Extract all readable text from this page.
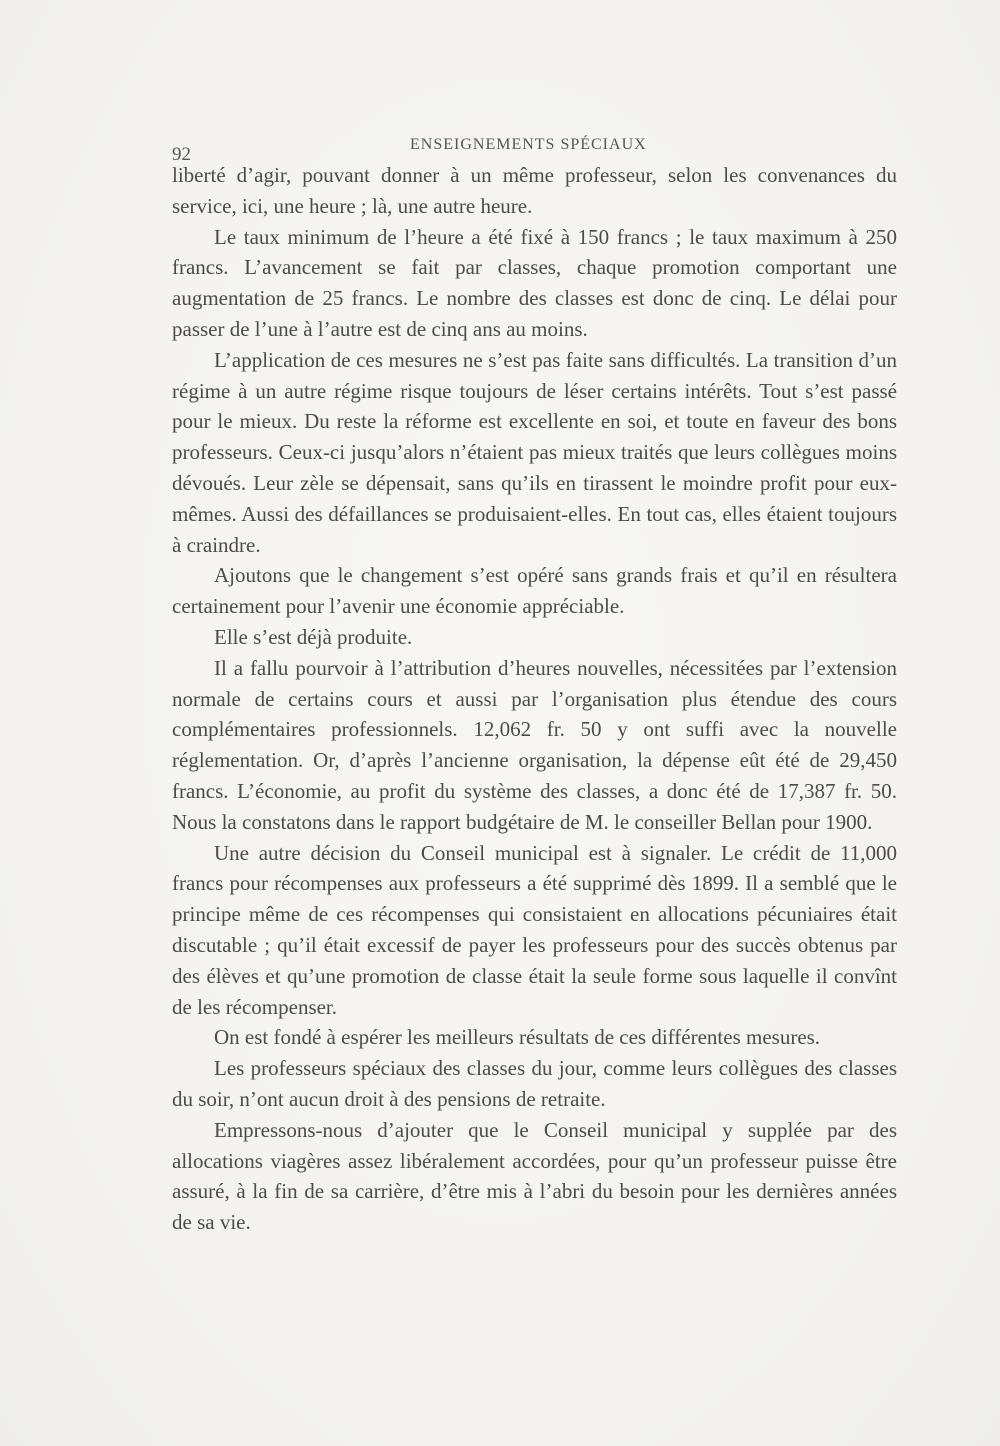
92	ENSEIGNEMENTS SPÉCIAUX

liberté d’agir, pouvant donner à un même professeur, selon les convenances du service, ici, une heure ; là, une autre heure.

Le taux minimum de l’heure a été fixé à 150 francs ; le taux maximum à 250 francs. L’avancement se fait par classes, chaque promotion comportant une augmentation de 25 francs. Le nombre des classes est donc de cinq. Le délai pour passer de l’une à l’autre est de cinq ans au moins.

L’application de ces mesures ne s’est pas faite sans difficultés. La transition d’un régime à un autre régime risque toujours de léser certains intérêts. Tout s’est passé pour le mieux. Du reste la réforme est excellente en soi, et toute en faveur des bons professeurs. Ceux-ci jusqu’alors n’étaient pas mieux traités que leurs collègues moins dévoués. Leur zèle se dépensait, sans qu’ils en tirassent le moindre profit pour eux-mêmes. Aussi des défaillances se produisaient-elles. En tout cas, elles étaient toujours à craindre.

Ajoutons que le changement s’est opéré sans grands frais et qu’il en résultera certainement pour l’avenir une économie appréciable.

Elle s’est déjà produite.

Il a fallu pourvoir à l’attribution d’heures nouvelles, nécessitées par l’extension normale de certains cours et aussi par l’organisation plus étendue des cours complémentaires professionnels. 12,062 fr. 50 y ont suffi avec la nouvelle réglementation. Or, d’après l’ancienne organisation, la dépense eût été de 29,450 francs. L’économie, au profit du système des classes, a donc été de 17,387 fr. 50. Nous la constatons dans le rapport budgétaire de M. le conseiller Bellan pour 1900.

Une autre décision du Conseil municipal est à signaler. Le crédit de 11,000 francs pour récompenses aux professeurs a été supprimé dès 1899. Il a semblé que le principe même de ces récompenses qui consistaient en allocations pécuniaires était discutable ; qu’il était excessif de payer les professeurs pour des succès obtenus par des élèves et qu’une promotion de classe était la seule forme sous laquelle il convînt de les récompenser.

On est fondé à espérer les meilleurs résultats de ces différentes mesures.

Les professeurs spéciaux des classes du jour, comme leurs collègues des classes du soir, n’ont aucun droit à des pensions de retraite.

Empressons-nous d’ajouter que le Conseil municipal y supplée par des allocations viagères assez libéralement accordées, pour qu’un professeur puisse être assuré, à la fin de sa carrière, d’être mis à l’abri du besoin pour les dernières années de sa vie.
